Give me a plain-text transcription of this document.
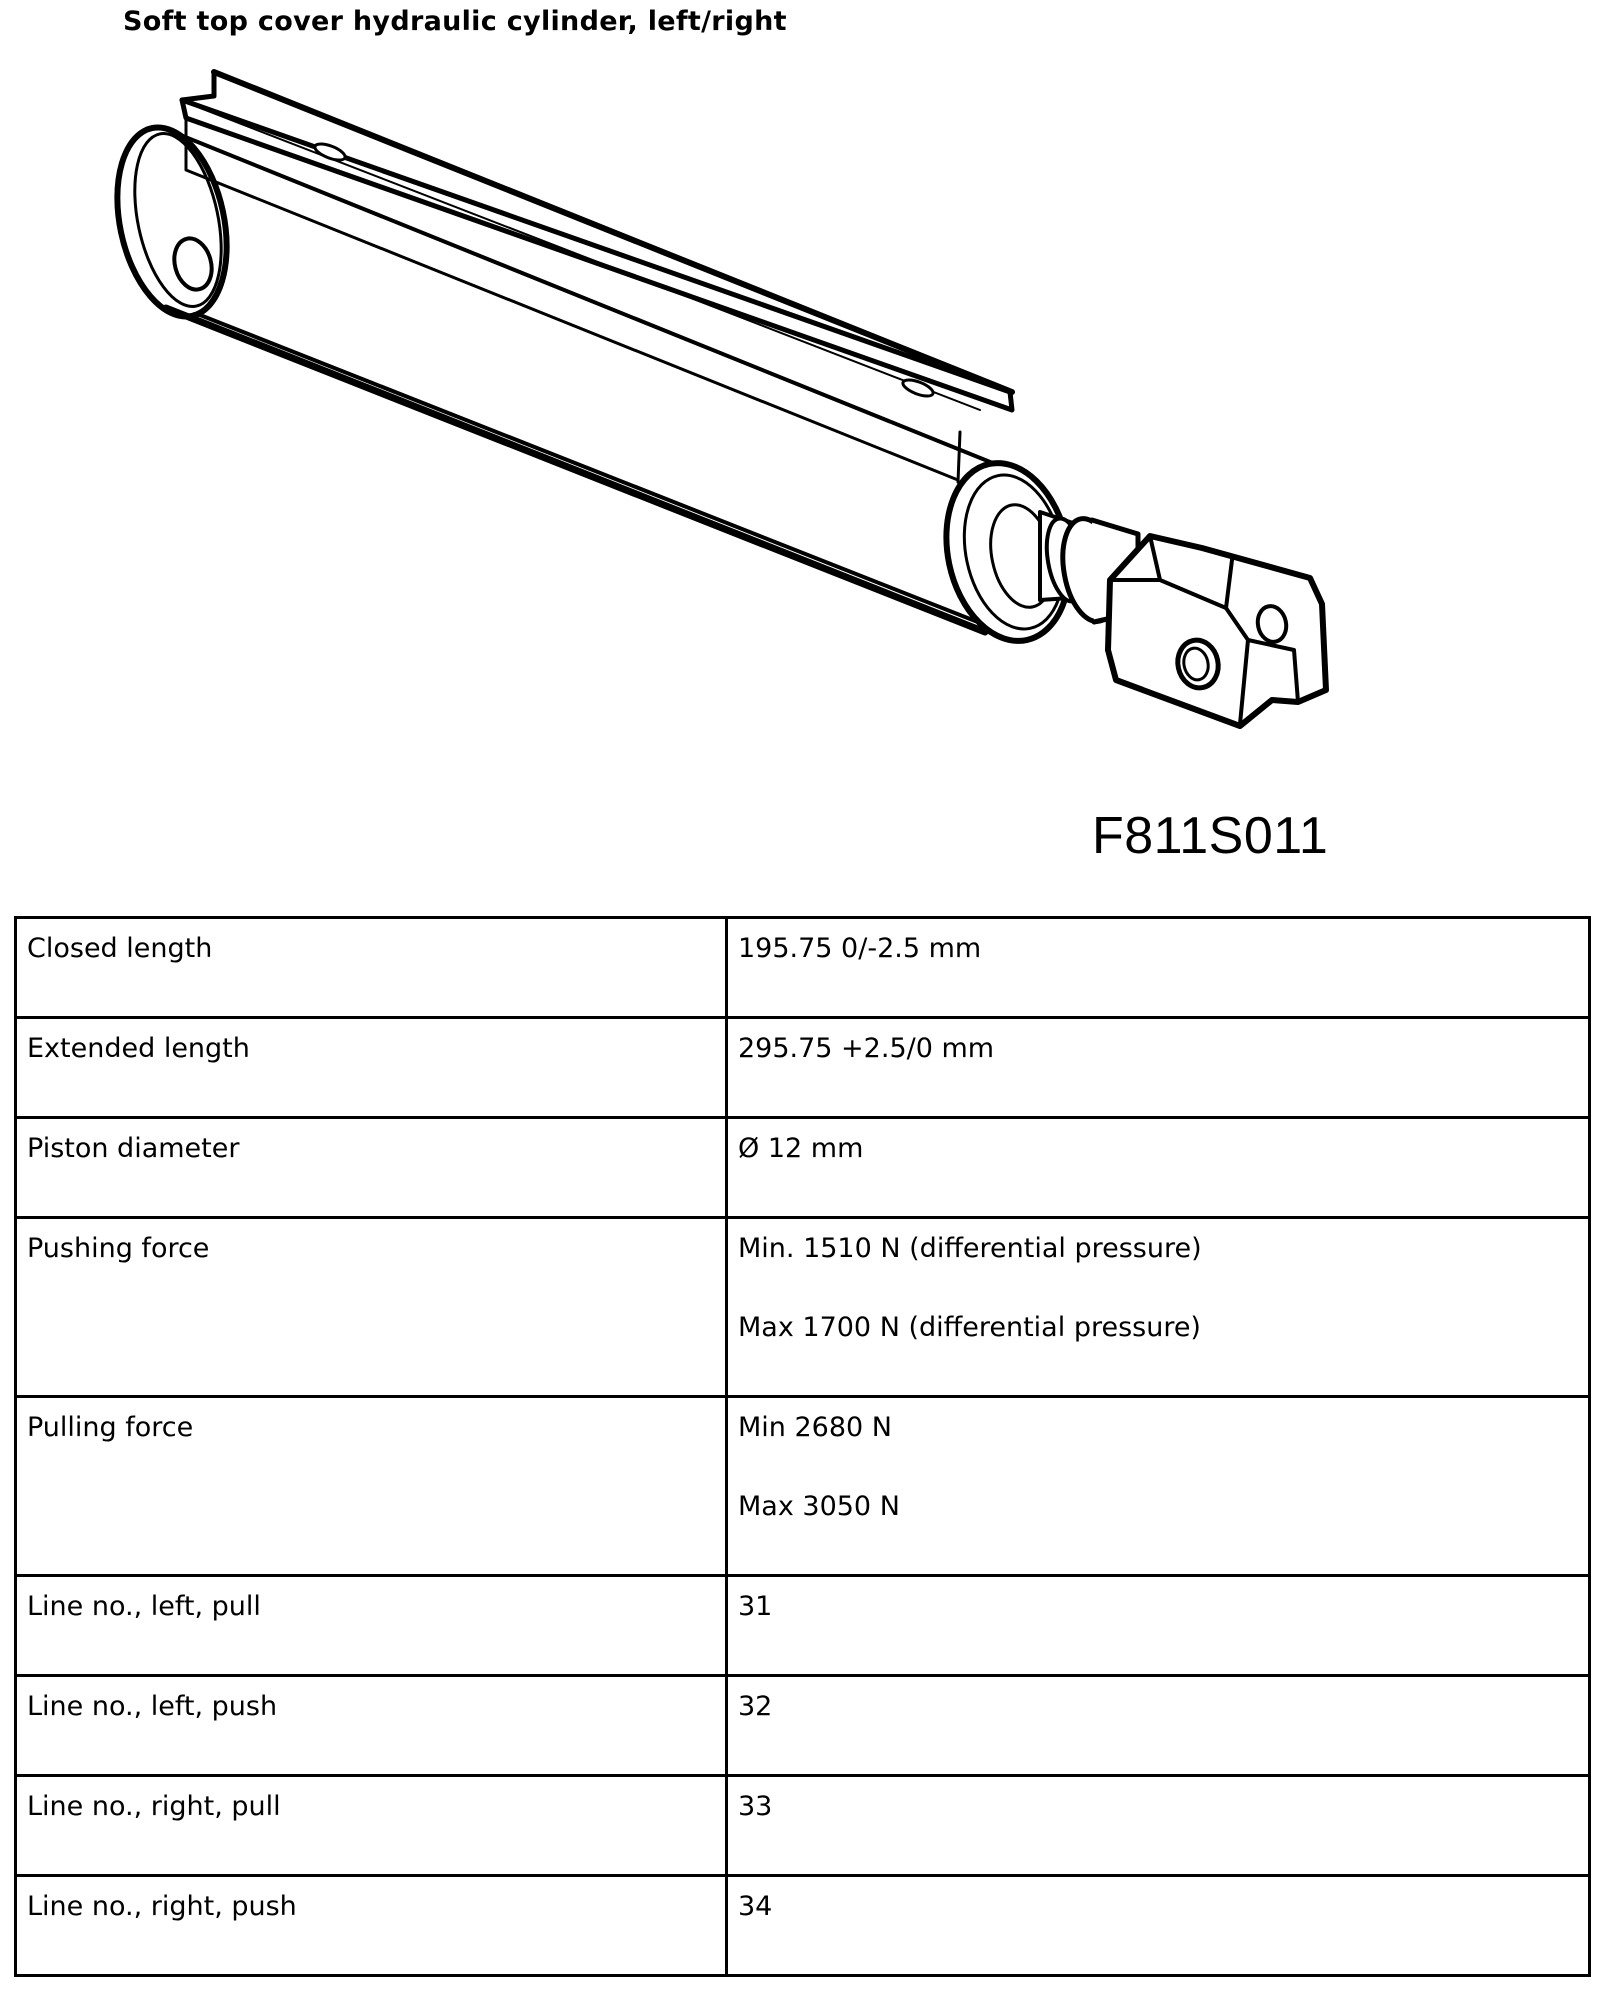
Soft top cover hydraulic cylinder, left/right
F811S011
Closed length	195.75 0/-2.5 mm

Extended length	295.75 +2.5/0 mm

Piston diameter	Ø 12 mm

Pushing force	Min. 1510 N (differential pressure)

Max 1700 N (differential pressure)

Pulling force	Min 2680 N

Max 3050 N

Line no., left, pull	31

Line no., left, push	32

Line no., right, pull	33

Line no., right, push	34
